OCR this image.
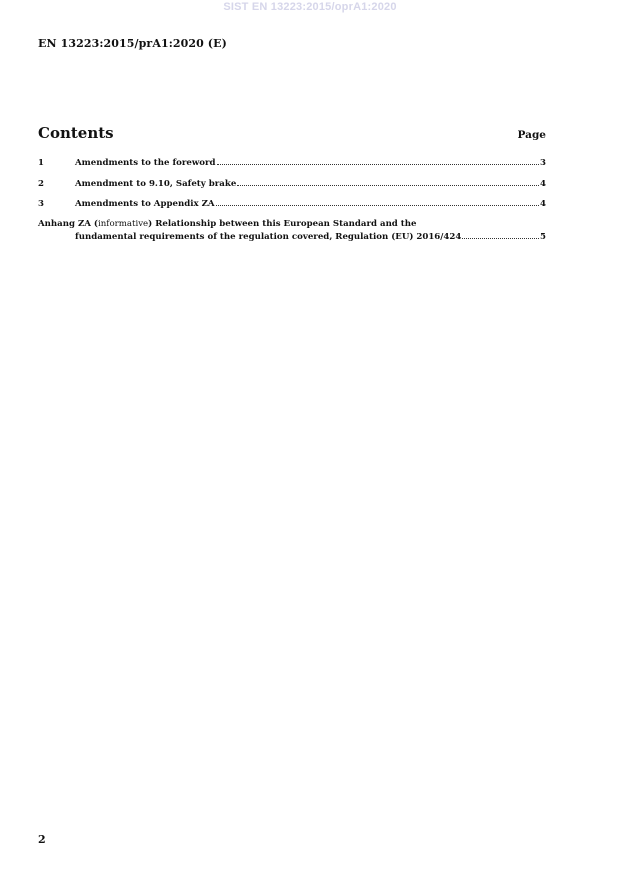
SIST EN 13223:2015/oprA1:2020
EN 13223:2015/prA1:2020 (E)
Contents	Page
1	Amendments to the foreword	3
2	Amendment to 9.10, Safety brake	4
3	Amendments to Appendix ZA	4
Anhang ZA (informative) Relationship between this European Standard and the
fundamental requirements of the regulation covered, Regulation (EU) 2016/424	5
2
